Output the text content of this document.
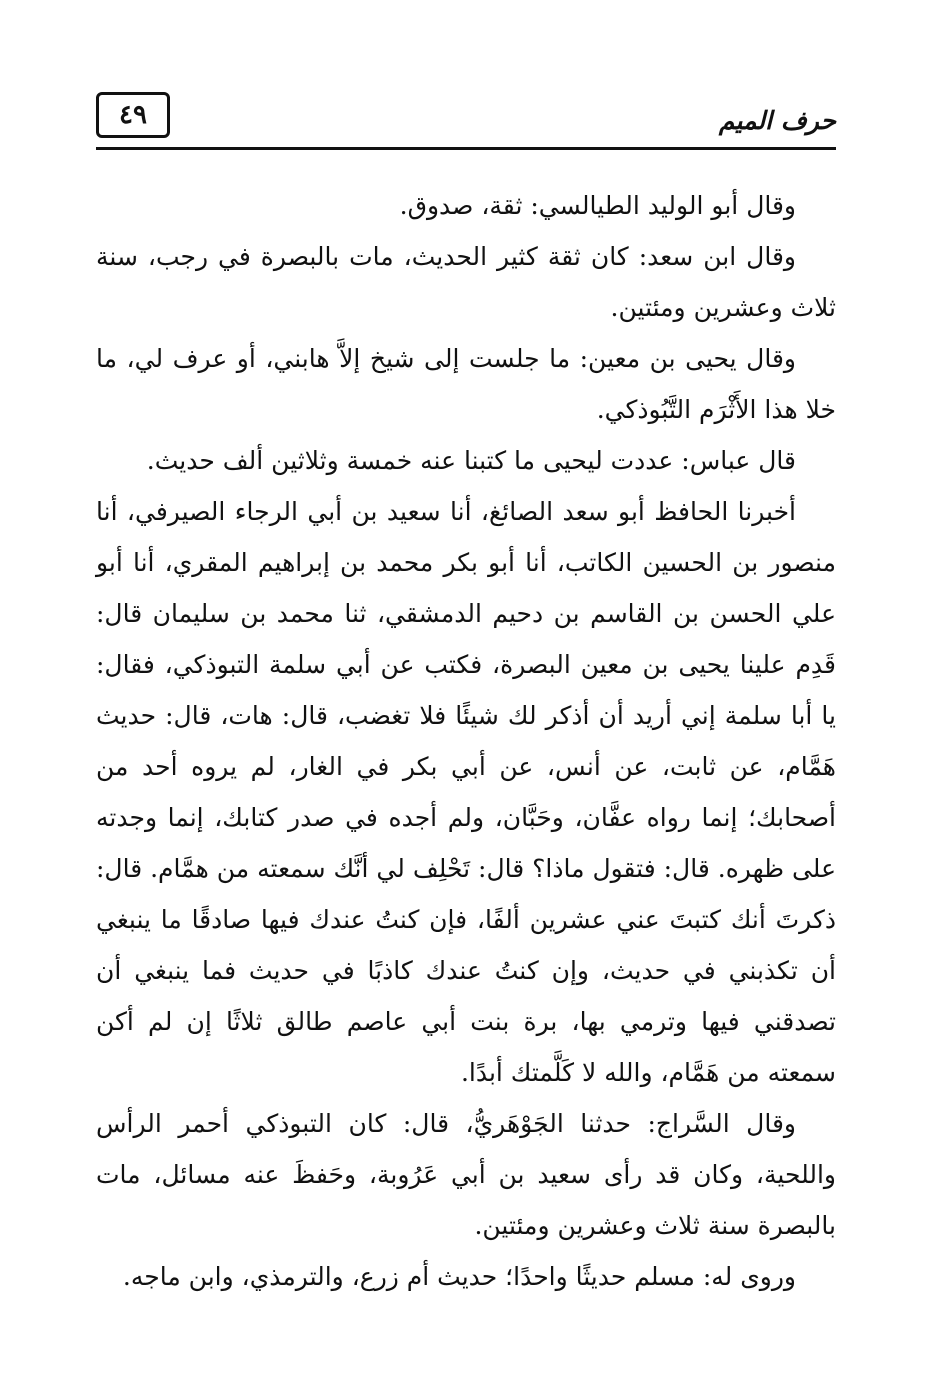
٤٩	حرف الميم

وقال أبو الوليد الطيالسي: ثقة، صدوق.

وقال ابن سعد: كان ثقة كثير الحديث، مات بالبصرة في رجب، سنة ثلاث وعشرين ومئتين.

وقال يحيى بن معين: ما جلست إلى شيخ إلاَّ هابني، أو عرف لي، ما خلا هذا الأَثْرَم التَّبُوذكي.

قال عباس: عددت ليحيى ما كتبنا عنه خمسة وثلاثين ألف حديث.

أخبرنا الحافظ أبو سعد الصائغ، أنا سعيد بن أبي الرجاء الصيرفي، أنا منصور بن الحسين الكاتب، أنا أبو بكر محمد بن إبراهيم المقري، أنا أبو علي الحسن بن القاسم بن دحيم الدمشقي، ثنا محمد بن سليمان قال: قَدِم علينا يحيى بن معين البصرة، فكتب عن أبي سلمة التبوذكي، فقال: يا أبا سلمة إني أريد أن أذكر لك شيئًا فلا تغضب، قال: هات، قال: حديث هَمَّام، عن ثابت، عن أنس، عن أبي بكر في الغار، لم يروه أحد من أصحابك؛ إنما رواه عفَّان، وحَبَّان، ولم أجده في صدر كتابك، إنما وجدته على ظهره. قال: فتقول ماذا؟ قال: تَحْلِف لي أنَّك سمعته من همَّام. قال: ذكرتَ أنك كتبتَ عني عشرين ألفًا، فإن كنتُ عندك فيها صادقًا ما ينبغي أن تكذبني في حديث، وإن كنتُ عندك كاذبًا في حديث فما ينبغي أن تصدقني فيها وترمي بها، برة بنت أبي عاصم طالق ثلاثًا إن لم أكن سمعته من هَمَّام، والله لا كَلَّمتك أبدًا.

وقال السَّراج: حدثنا الجَوْهَريُّ، قال: كان التبوذكي أحمر الرأس واللحية، وكان قد رأى سعيد بن أبي عَرُوبة، وحَفظَ عنه مسائل، مات بالبصرة سنة ثلاث وعشرين ومئتين.

وروى له: مسلم حديثًا واحدًا؛ حديث أم زرع، والترمذي، وابن ماجه.
